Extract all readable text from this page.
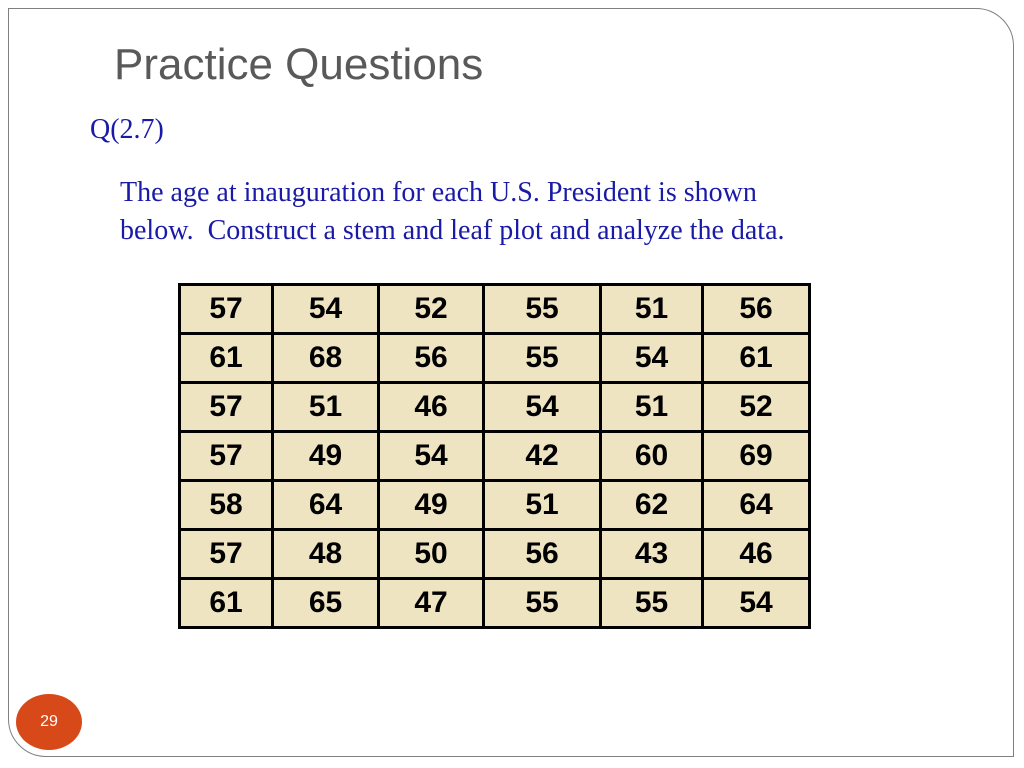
Practice Questions
Q(2.7)
The age at inauguration for each U.S. President is shown
below.  Construct a stem and leaf plot and analyze the data.
57	54	52	55	51	56
61	68	56	55	54	61
57	51	46	54	51	52
57	49	54	42	60	69
58	64	49	51	62	64
57	48	50	56	43	46
61	65	47	55	55	54
29
